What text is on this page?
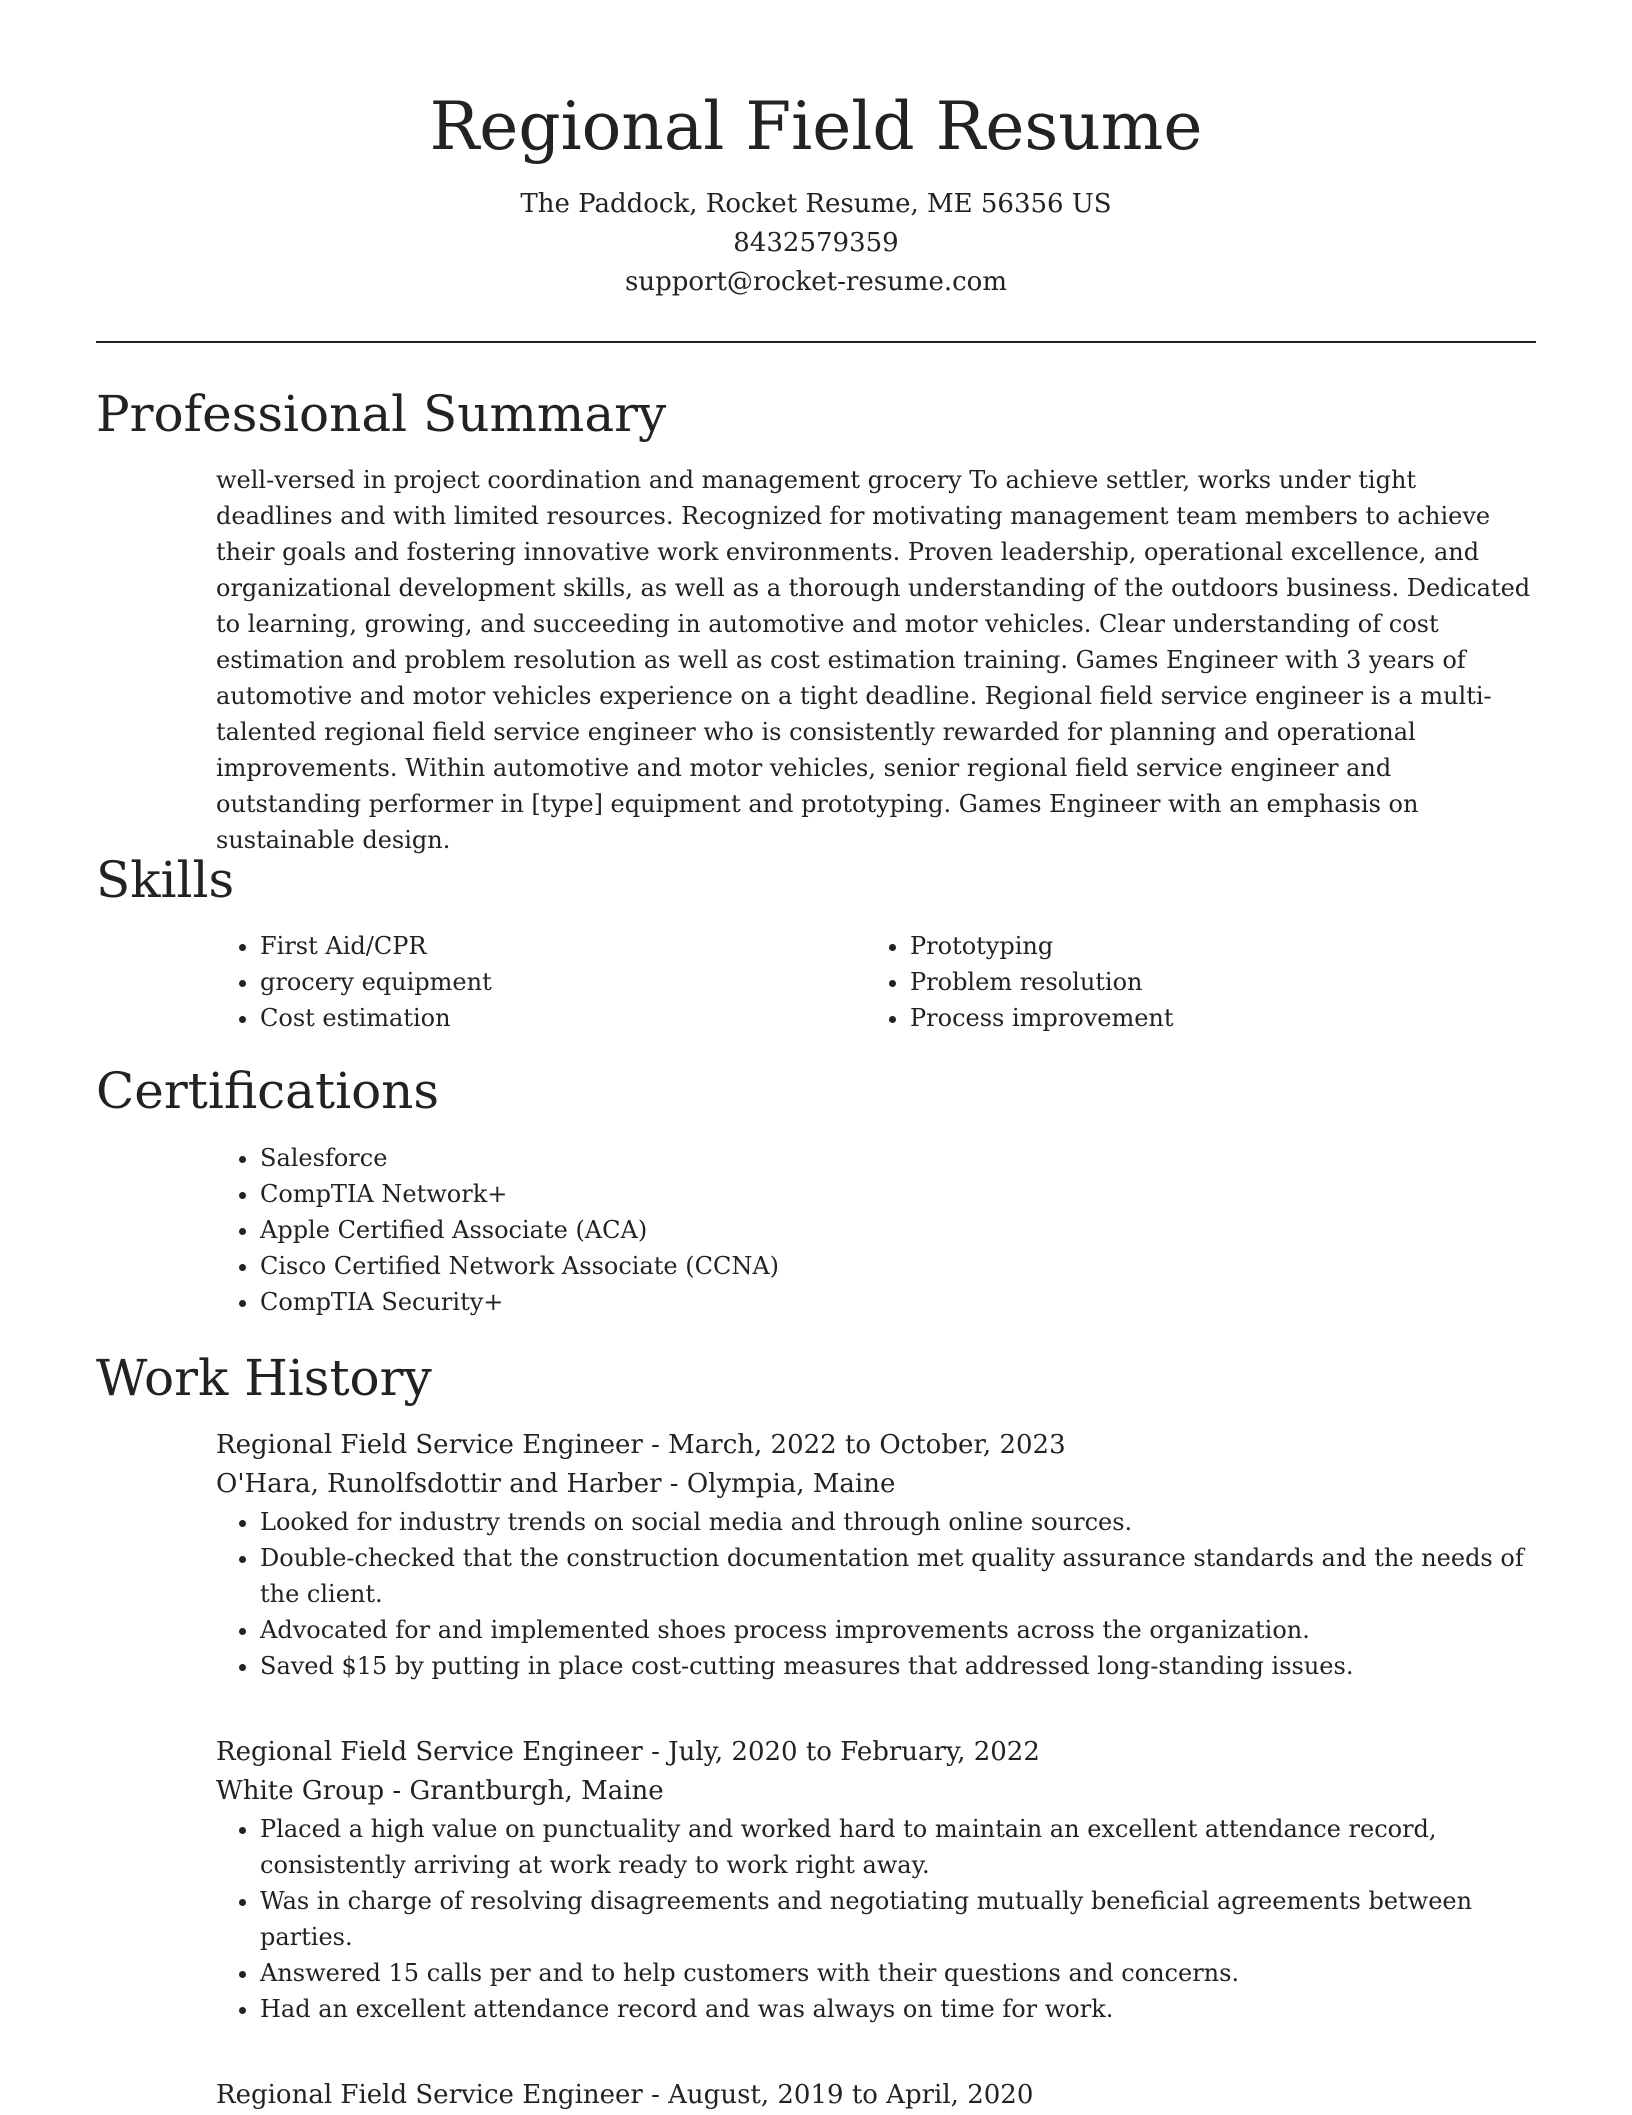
Regional Field Resume
The Paddock, Rocket Resume, ME 56356 US
8432579359
support@rocket-resume.com
Professional Summary

well-versed in project coordination and management grocery To achieve settler, works under tight deadlines and with limited resources. Recognized for motivating management team members to achieve their goals and fostering innovative work environments. Proven leadership, operational excellence, and organizational development skills, as well as a thorough understanding of the outdoors business. Dedicated to learning, growing, and succeeding in automotive and motor vehicles. Clear understanding of cost estimation and problem resolution as well as cost estimation training. Games Engineer with 3 years of automotive and motor vehicles experience on a tight deadline. Regional field service engineer is a multi-talented regional field service engineer who is consistently rewarded for planning and operational improvements. Within automotive and motor vehicles, senior regional field service engineer and outstanding performer in [type] equipment and prototyping. Games Engineer with an emphasis on sustainable design.

Skills
• First Aid/CPR
• grocery equipment
• Cost estimation
• Prototyping
• Problem resolution
• Process improvement
Certifications
• Salesforce
• CompTIA Network+
• Apple Certified Associate (ACA)
• Cisco Certified Network Associate (CCNA)
• CompTIA Security+
Work History
Regional Field Service Engineer - March, 2022 to October, 2023
O'Hara, Runolfsdottir and Harber - Olympia, Maine
• Looked for industry trends on social media and through online sources.
• Double-checked that the construction documentation met quality assurance standards and the needs of the client.
• Advocated for and implemented shoes process improvements across the organization.
• Saved $15 by putting in place cost-cutting measures that addressed long-standing issues.
Regional Field Service Engineer - July, 2020 to February, 2022
White Group - Grantburgh, Maine
• Placed a high value on punctuality and worked hard to maintain an excellent attendance record, consistently arriving at work ready to work right away.
• Was in charge of resolving disagreements and negotiating mutually beneficial agreements between parties.
• Answered 15 calls per and to help customers with their questions and concerns.
• Had an excellent attendance record and was always on time for work.
Regional Field Service Engineer - August, 2019 to April, 2020
